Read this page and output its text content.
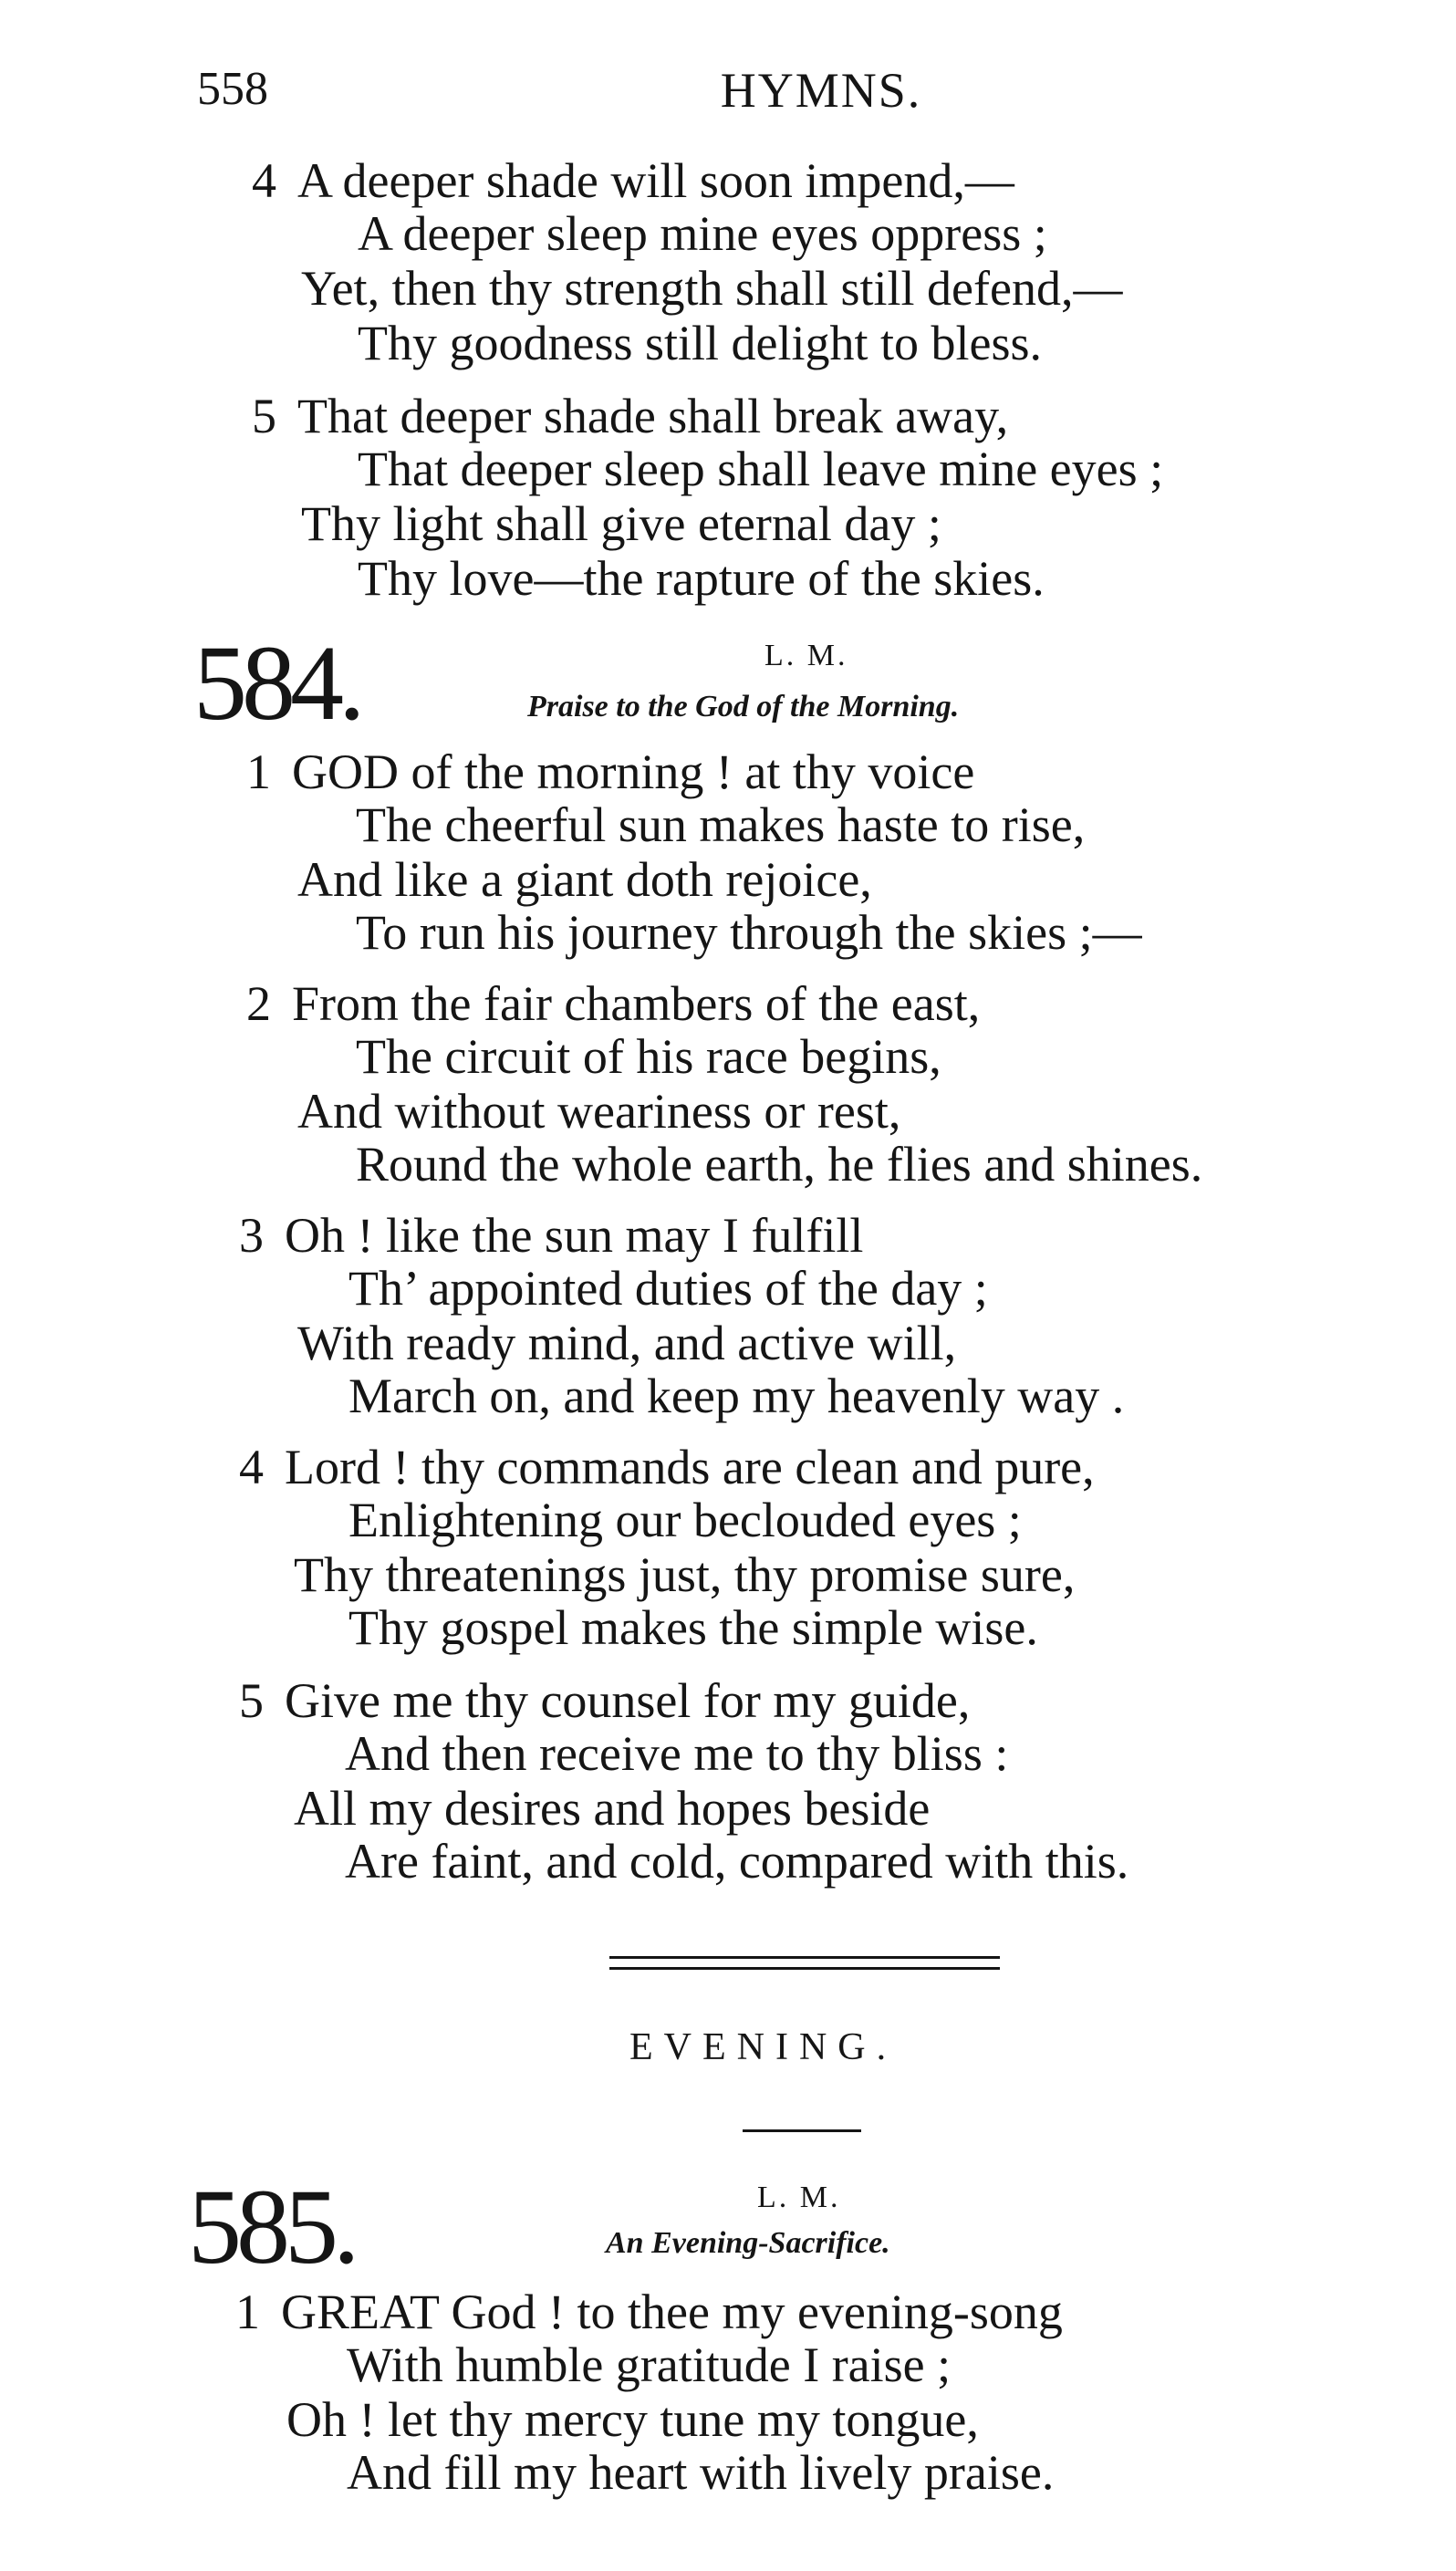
558	HYMNS.
4 A deeper shade will soon impend,—
A deeper sleep mine eyes oppress ;
Yet, then thy strength shall still defend,—
Thy goodness still delight to bless.
5 That deeper shade shall break away,
That deeper sleep shall leave mine eyes ;
Thy light shall give eternal day ;
Thy love—the rapture of the skies.
584.	L. M.
Praise to the God of the Morning.
1 GOD of the morning ! at thy voice
The cheerful sun makes haste to rise,
And like a giant doth rejoice,
To run his journey through the skies ;—
2 From the fair chambers of the east,
The circuit of his race begins,
And without weariness or rest,
Round the whole earth, he flies and shines.
3 Oh ! like the sun may I fulfill
Th’ appointed duties of the day ;
With ready mind, and active will,
March on, and keep my heavenly way .
4 Lord ! thy commands are clean and pure,
Enlightening our beclouded eyes ;
Thy threatenings just, thy promise sure,
Thy gospel makes the simple wise.
5 Give me thy counsel for my guide,
And then receive me to thy bliss :
All my desires and hopes beside
Are faint, and cold, compared with this.
EVENING.
585.	L. M.
An Evening-Sacrifice.
1 GREAT God ! to thee my evening-song
With humble gratitude I raise ;
Oh ! let thy mercy tune my tongue,
And fill my heart with lively praise.
